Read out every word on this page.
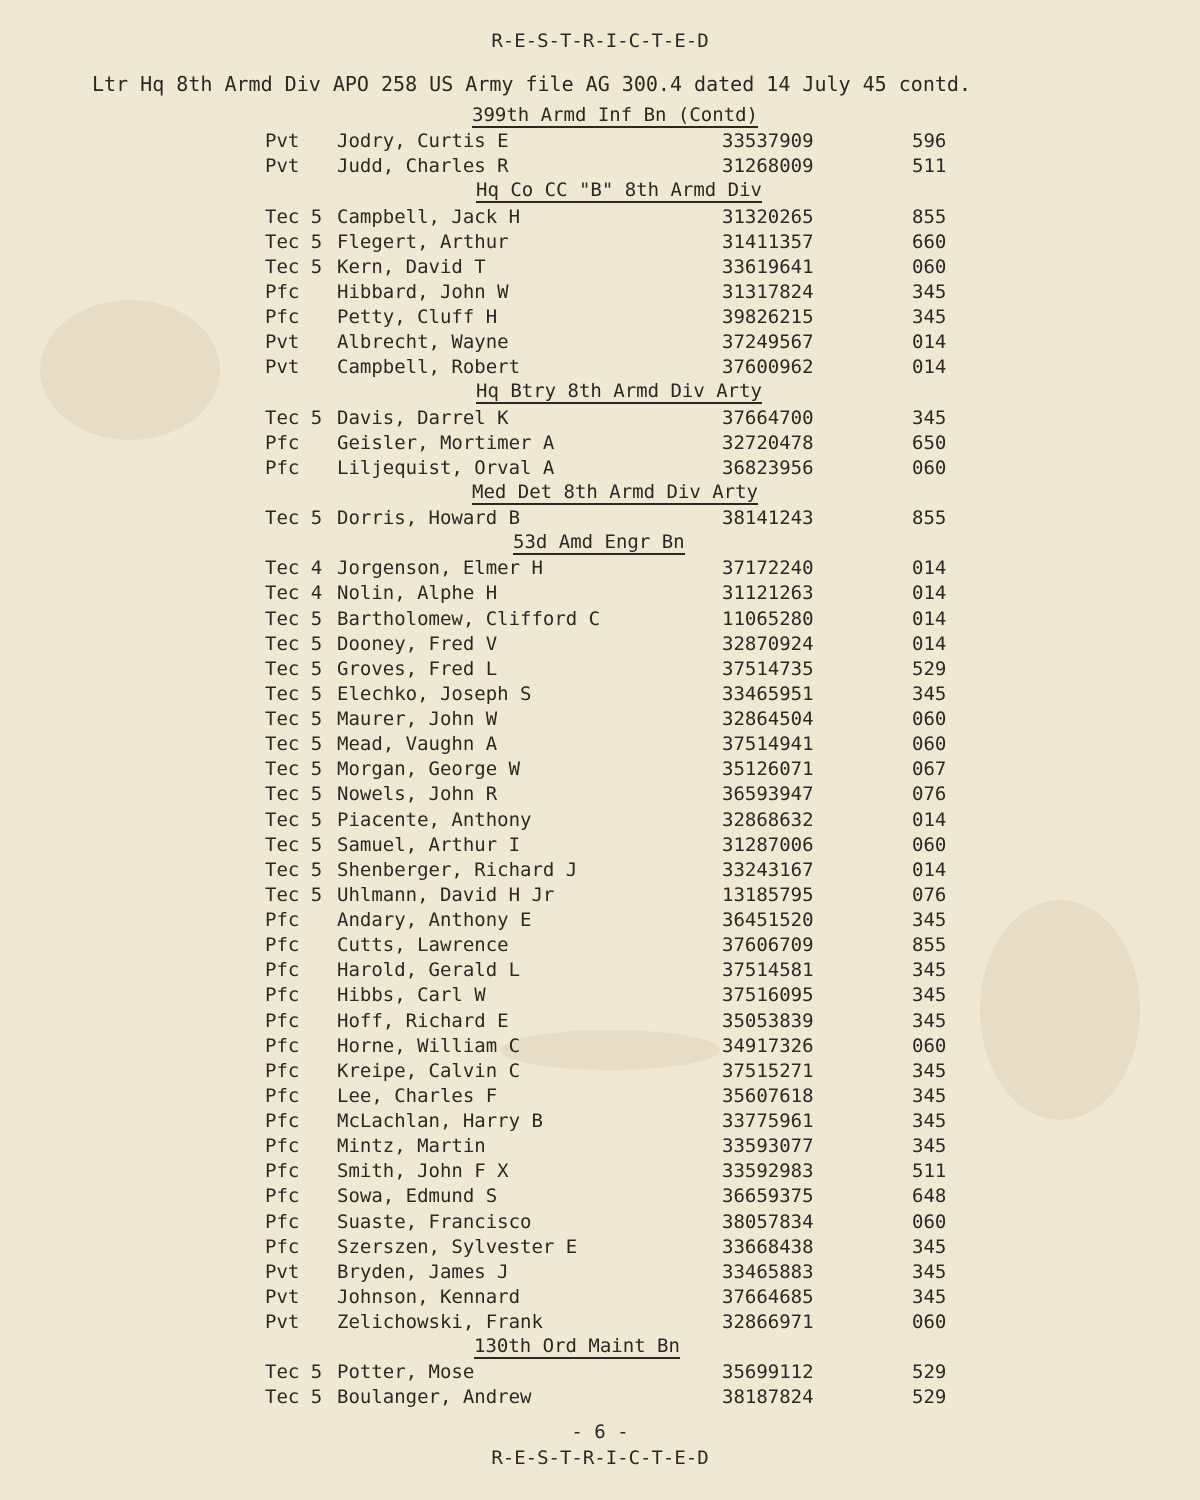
R-E-S-T-R-I-C-T-E-D
Ltr Hq 8th Armd Div APO 258 US Army file AG 300.4 dated 14 July 45 contd.
399th Armd Inf Bn (Contd)
Pvt Jodry, Curtis E	33537909	596
Pvt Judd, Charles R	31268009	511
Hq Co CC "B" 8th Armd Div
Tec 5 Campbell, Jack H	31320265	855
Tec 5 Flegert, Arthur	31411357	660
Tec 5 Kern, David T	33619641	060
Pfc Hibbard, John W	31317824	345
Pfc Petty, Cluff H	39826215	345
Pvt Albrecht, Wayne	37249567	014
Pvt Campbell, Robert	37600962	014
Hq Btry 8th Armd Div Arty
Tec 5 Davis, Darrel K	37664700	345
Pfc Geisler, Mortimer A	32720478	650
Pfc Liljequist, Orval A	36823956	060
Med Det 8th Armd Div Arty
Tec 5 Dorris, Howard B	38141243	855
53d Amd Engr Bn
Tec 4 Jorgenson, Elmer H	37172240	014
Tec 4 Nolin, Alphe H	31121263	014
Tec 5 Bartholomew, Clifford C	11065280	014
Tec 5 Dooney, Fred V	32870924	014
Tec 5 Groves, Fred L	37514735	529
Tec 5 Elechko, Joseph S	33465951	345
Tec 5 Maurer, John W	32864504	060
Tec 5 Mead, Vaughn A	37514941	060
Tec 5 Morgan, George W	35126071	067
Tec 5 Nowels, John R	36593947	076
Tec 5 Piacente, Anthony	32868632	014
Tec 5 Samuel, Arthur I	31287006	060
Tec 5 Shenberger, Richard J	33243167	014
Tec 5 Uhlmann, David H Jr	13185795	076
Pfc Andary, Anthony E	36451520	345
Pfc Cutts, Lawrence	37606709	855
Pfc Harold, Gerald L	37514581	345
Pfc Hibbs, Carl W	37516095	345
Pfc Hoff, Richard E	35053839	345
Pfc Horne, William C	34917326	060
Pfc Kreipe, Calvin C	37515271	345
Pfc Lee, Charles F	35607618	345
Pfc McLachlan, Harry B	33775961	345
Pfc Mintz, Martin	33593077	345
Pfc Smith, John F X	33592983	511
Pfc Sowa, Edmund S	36659375	648
Pfc Suaste, Francisco	38057834	060
Pfc Szerszen, Sylvester E	33668438	345
Pvt Bryden, James J	33465883	345
Pvt Johnson, Kennard	37664685	345
Pvt Zelichowski, Frank	32866971	060
130th Ord Maint Bn
Tec 5 Potter, Mose	35699112	529
Tec 5 Boulanger, Andrew	38187824	529
- 6 -
R-E-S-T-R-I-C-T-E-D
